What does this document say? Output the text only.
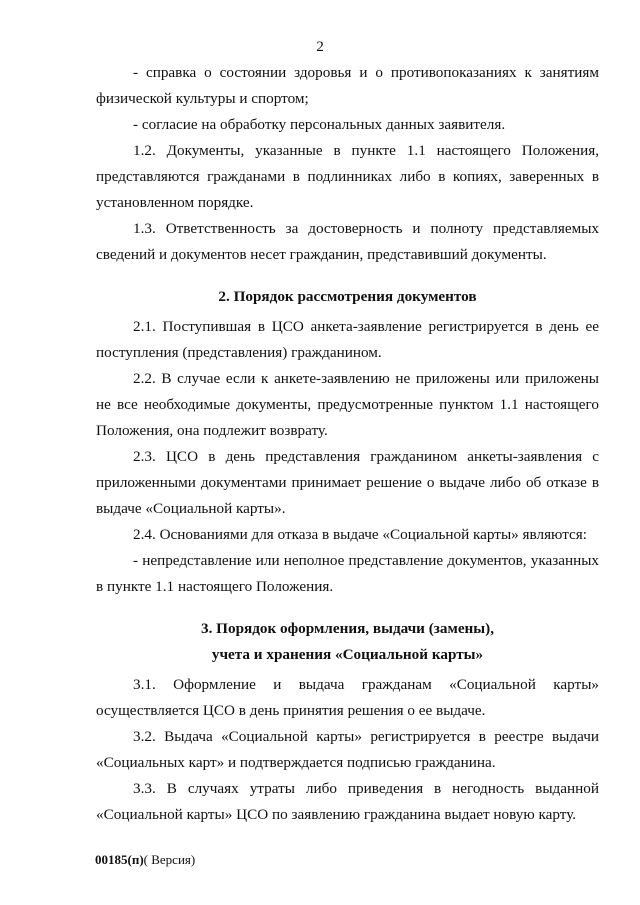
2

- справка о состоянии здоровья и о противопоказаниях к занятиям физической культуры и спортом;

- согласие на обработку персональных данных заявителя.

1.2. Документы, указанные в пункте 1.1 настоящего Положения, представляются гражданами в подлинниках либо в копиях, заверенных в установленном порядке.

1.3. Ответственность за достоверность и полноту представляемых сведений и документов несет гражданин, представивший документы.

2. Порядок рассмотрения документов

2.1. Поступившая в ЦСО анкета-заявление регистрируется в день ее поступления (представления) гражданином.

2.2. В случае если к анкете-заявлению не приложены или приложены не все необходимые документы, предусмотренные пунктом 1.1 настоящего Положения, она подлежит возврату.

2.3. ЦСО в день представления гражданином анкеты-заявления с приложенными документами принимает решение о выдаче либо об отказе в выдаче «Социальной карты».

2.4. Основаниями для отказа в выдаче «Социальной карты» являются:

- непредставление или неполное представление документов, указанных в пункте 1.1 настоящего Положения.

3. Порядок оформления, выдачи (замены),
учета и хранения «Социальной карты»

3.1. Оформление и выдача гражданам «Социальной карты» осуществляется ЦСО в день принятия решения о ее выдаче.

3.2. Выдача «Социальной карты» регистрируется в реестре выдачи «Социальных карт» и подтверждается подписью гражданина.

3.3. В случаях утраты либо приведения в негодность выданной «Социальной карты» ЦСО по заявлению гражданина выдает новую карту.

00185(п)( Версия)
